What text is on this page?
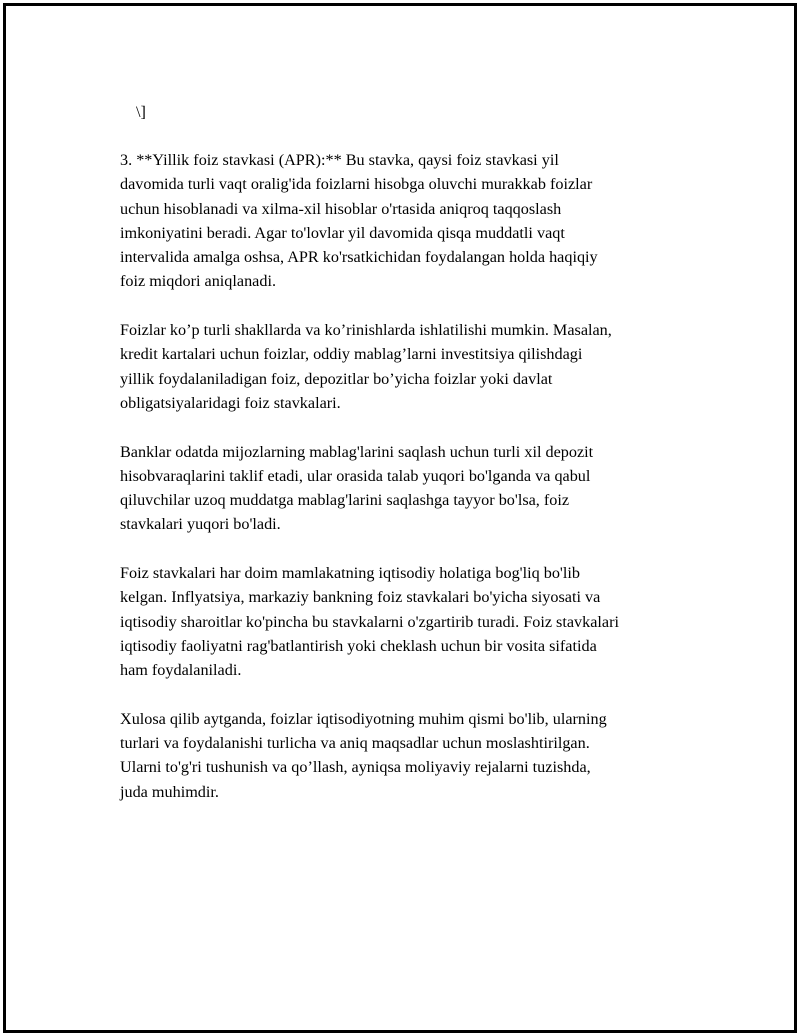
\]

3. **Yillik foiz stavkasi (APR):** Bu stavka, qaysi foiz stavkasi yil
davomida turli vaqt oralig'ida foizlarni hisobga oluvchi murakkab foizlar
uchun hisoblanadi va xilma-xil hisoblar o'rtasida aniqroq taqqoslash
imkoniyatini beradi. Agar to'lovlar yil davomida qisqa muddatli vaqt
intervalida amalga oshsa, APR ko'rsatkichidan foydalangan holda haqiqiy
foiz miqdori aniqlanadi.

Foizlar ko’p turli shakllarda va ko’rinishlarda ishlatilishi mumkin. Masalan,
kredit kartalari uchun foizlar, oddiy mablag’larni investitsiya qilishdagi
yillik foydalaniladigan foiz, depozitlar bo’yicha foizlar yoki davlat
obligatsiyalaridagi foiz stavkalari.

Banklar odatda mijozlarning mablag'larini saqlash uchun turli xil depozit
hisobvaraqlarini taklif etadi, ular orasida talab yuqori bo'lganda va qabul
qiluvchilar uzoq muddatga mablag'larini saqlashga tayyor bo'lsa, foiz
stavkalari yuqori bo'ladi.

Foiz stavkalari har doim mamlakatning iqtisodiy holatiga bog'liq bo'lib
kelgan. Inflyatsiya, markaziy bankning foiz stavkalari bo'yicha siyosati va
iqtisodiy sharoitlar ko'pincha bu stavkalarni o'zgartirib turadi. Foiz stavkalari
iqtisodiy faoliyatni rag'batlantirish yoki cheklash uchun bir vosita sifatida
ham foydalaniladi.

Xulosa qilib aytganda, foizlar iqtisodiyotning muhim qismi bo'lib, ularning
turlari va foydalanishi turlicha va aniq maqsadlar uchun moslashtirilgan.
Ularni to'g'ri tushunish va qo’llash, ayniqsa moliyaviy rejalarni tuzishda,
juda muhimdir.
